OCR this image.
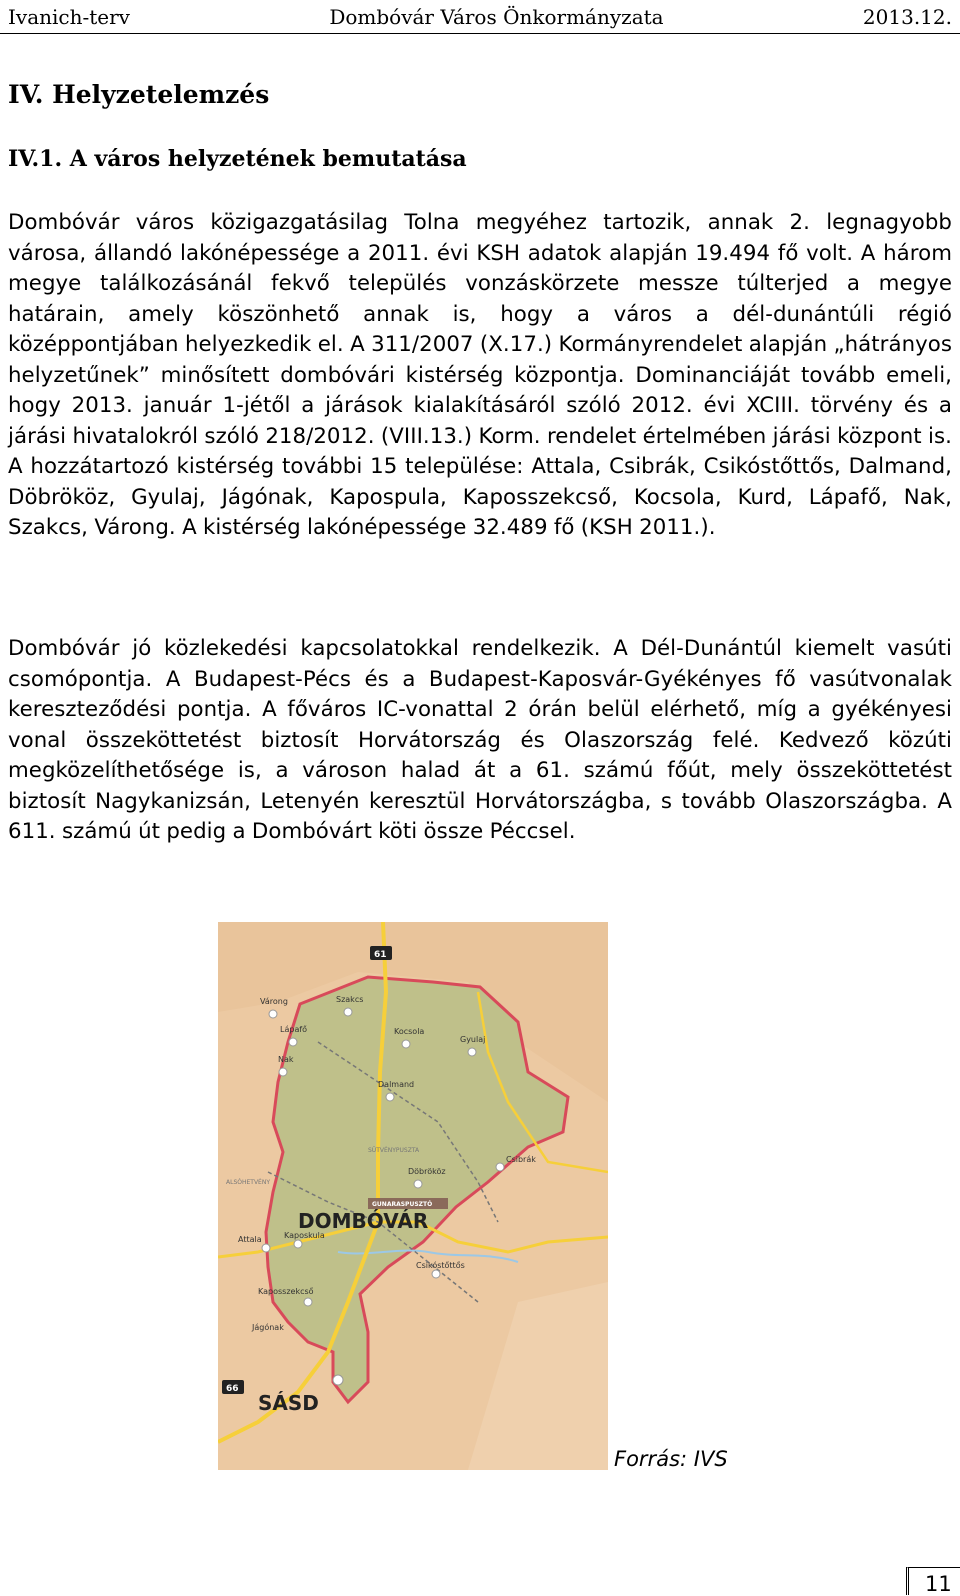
Ivanich-terv	Dombóvár Város Önkormányzata	2013.12.
IV. Helyzetelemzés
IV.1. A város helyzetének bemutatása
Dombóvár város közigazgatásilag Tolna megyéhez tartozik, annak 2. legnagyobb városa, állandó lakónépessége a 2011. évi KSH adatok alapján 19.494 fő volt. A három megye találkozásánál fekvő település vonzáskörzete messze túlterjed a megye határain, amely köszönhető annak is, hogy a város a dél-dunántúli régió középpontjában helyezkedik el. A 311/2007 (X.17.) Kormányrendelet alapján „hátrányos helyzetűnek” minősített dombóvári kistérség központja. Dominanciáját tovább emeli, hogy 2013. január 1-jétől a járások kialakításáról szóló 2012. évi XCIII. törvény és a járási hivatalokról szóló 218/2012. (VIII.13.) Korm. rendelet értelmében járási központ is. A hozzátartozó kistérség további 15 települése: Attala, Csibrák, Csikóstőttős, Dalmand, Döbrököz, Gyulaj, Jágónak, Kapospula, Kaposszekcső, Kocsola, Kurd, Lápafő, Nak, Szakcs, Várong. A kistérség lakónépessége 32.489 fő (KSH 2011.).
Dombóvár jó közlekedési kapcsolatokkal rendelkezik. A Dél-Dunántúl kiemelt vasúti csomópontja. A Budapest-Pécs és a Budapest-Kaposvár-Gyékényes fő vasútvonalak kereszteződési pontja. A főváros IC-vonattal 2 órán belül elérhető, míg a gyékényesi vonal összeköttetést biztosít Horvátország és Olaszország felé. Kedvező közúti megközelíthetősége is, a városon halad át a 61. számú főút, mely összeköttetést biztosít Nagykanizsán, Letenyén keresztül Horvátországba, s tovább Olaszországba. A 611. számú út pedig a Dombóvárt köti össze Péccsel.
61
66
Várong	Szakcs
Lápafő
Nak
Kocsola
Gyulaj
Dalmand
SÜTVÉNYPUSZTA
Döbrököz
Csibrák
ALSÓHETVÉNY
GUNARASPUSZTÓ
DOMBÓVÁR
Attala	Kaposkula
Kaposszekcső
Csikóstőttős
Jágónak
SÁSD
Forrás: IVS
11
